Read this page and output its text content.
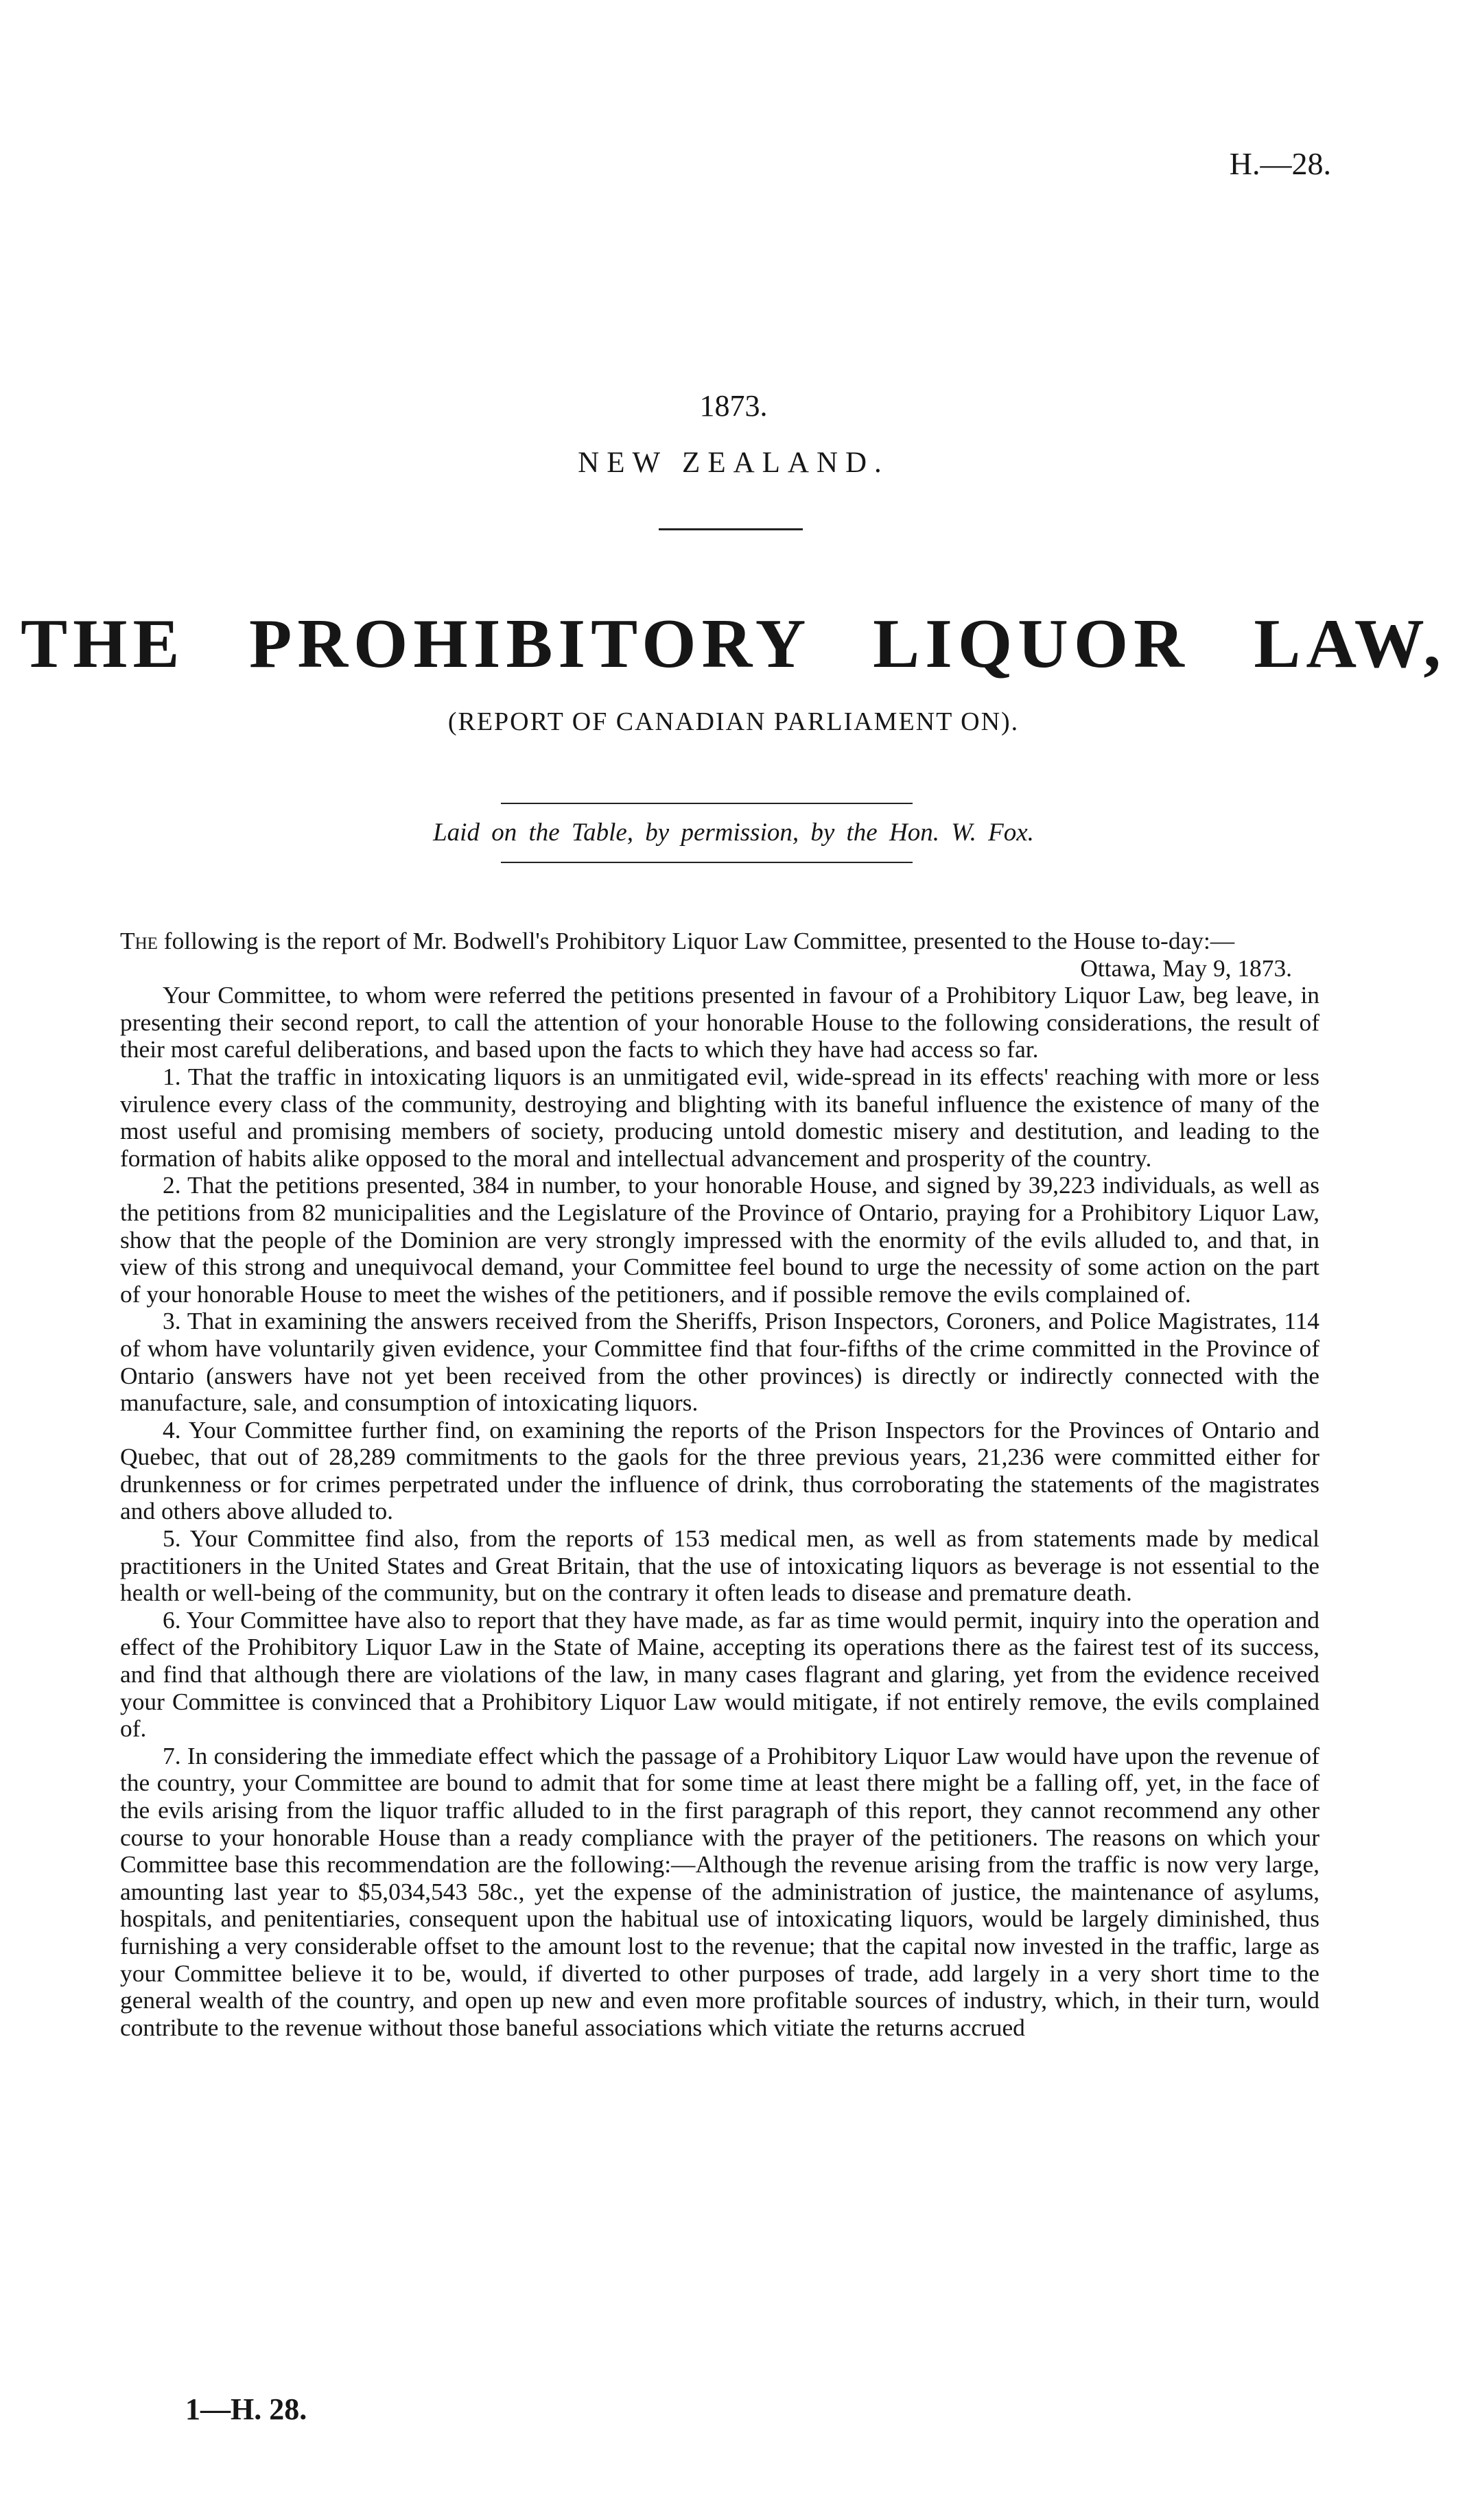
H.—28.
1873.
NEW ZEALAND.
THE PROHIBITORY LIQUOR LAW,
(REPORT OF CANADIAN PARLIAMENT ON).
Laid on the Table, by permission, by the Hon. W. Fox.

The following is the report of Mr. Bodwell's Prohibitory Liquor Law Committee, presented to the House to-day:—

Ottawa, May 9, 1873.

Your Committee, to whom were referred the petitions presented in favour of a Prohibitory Liquor Law, beg leave, in presenting their second report, to call the attention of your honorable House to the following considerations, the result of their most careful deliberations, and based upon the facts to which they have had access so far.

1. That the traffic in intoxicating liquors is an unmitigated evil, wide-spread in its effects' reaching with more or less virulence every class of the community, destroying and blighting with its baneful influence the existence of many of the most useful and promising members of society, producing untold domestic misery and destitution, and leading to the formation of habits alike opposed to the moral and intellectual advancement and prosperity of the country.

2. That the petitions presented, 384 in number, to your honorable House, and signed by 39,223 individuals, as well as the petitions from 82 municipalities and the Legislature of the Province of Ontario, praying for a Prohibitory Liquor Law, show that the people of the Dominion are very strongly impressed with the enormity of the evils alluded to, and that, in view of this strong and unequivocal demand, your Committee feel bound to urge the necessity of some action on the part of your honorable House to meet the wishes of the petitioners, and if possible remove the evils complained of.

3. That in examining the answers received from the Sheriffs, Prison Inspectors, Coroners, and Police Magistrates, 114 of whom have voluntarily given evidence, your Committee find that four-fifths of the crime committed in the Province of Ontario (answers have not yet been received from the other provinces) is directly or indirectly connected with the manufacture, sale, and consumption of intoxicating liquors.

4. Your Committee further find, on examining the reports of the Prison Inspectors for the Provinces of Ontario and Quebec, that out of 28,289 commitments to the gaols for the three previous years, 21,236 were committed either for drunkenness or for crimes perpetrated under the influence of drink, thus corroborating the statements of the magistrates and others above alluded to.

5. Your Committee find also, from the reports of 153 medical men, as well as from statements made by medical practitioners in the United States and Great Britain, that the use of intoxicating liquors as beverage is not essential to the health or well-being of the community, but on the contrary it often leads to disease and premature death.

6. Your Committee have also to report that they have made, as far as time would permit, inquiry into the operation and effect of the Prohibitory Liquor Law in the State of Maine, accepting its operations there as the fairest test of its success, and find that although there are violations of the law, in many cases flagrant and glaring, yet from the evidence received your Committee is convinced that a Prohibitory Liquor Law would mitigate, if not entirely remove, the evils complained of.

7. In considering the immediate effect which the passage of a Prohibitory Liquor Law would have upon the revenue of the country, your Committee are bound to admit that for some time at least there might be a falling off, yet, in the face of the evils arising from the liquor traffic alluded to in the first paragraph of this report, they cannot recommend any other course to your honorable House than a ready compliance with the prayer of the petitioners. The reasons on which your Committee base this recommendation are the following:—Although the revenue arising from the traffic is now very large, amounting last year to $5,034,543 58c., yet the expense of the administration of justice, the maintenance of asylums, hospitals, and penitentiaries, consequent upon the habitual use of intoxicating liquors, would be largely diminished, thus furnishing a very considerable offset to the amount lost to the revenue; that the capital now invested in the traffic, large as your Committee believe it to be, would, if diverted to other purposes of trade, add largely in a very short time to the general wealth of the country, and open up new and even more profitable sources of industry, which, in their turn, would contribute to the revenue without those baneful associations which vitiate the returns accrued

1—H. 28.
